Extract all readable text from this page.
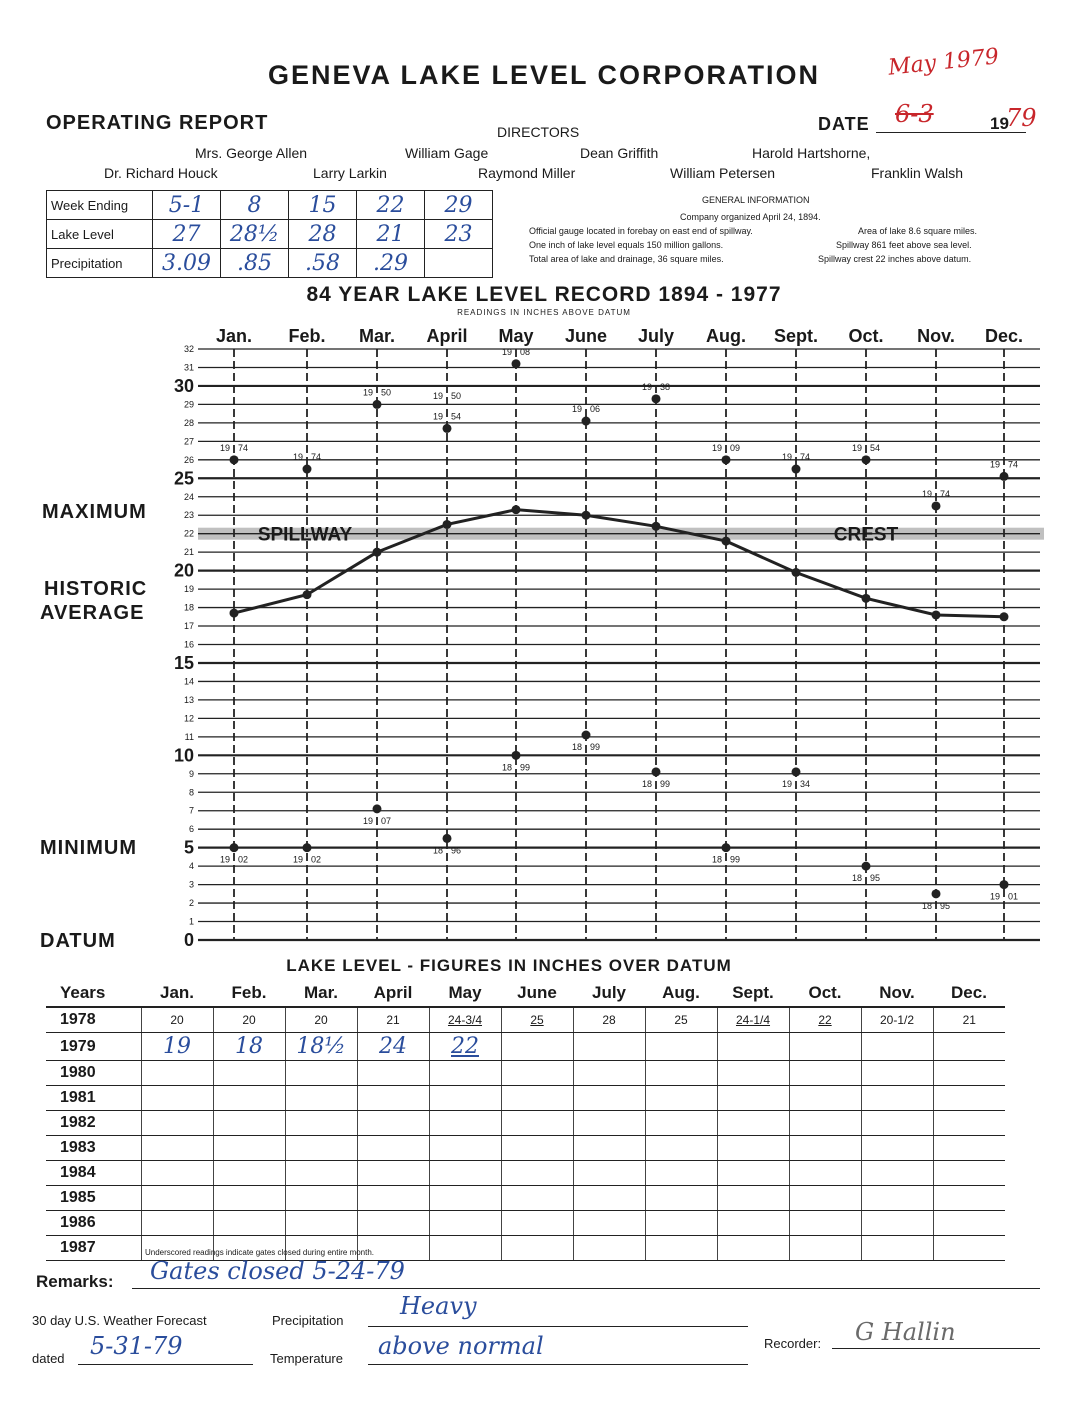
GENEVA LAKE LEVEL CORPORATION	May 1979
OPERATING REPORT	DIRECTORS	DATE 6-3	19
79
Mrs. George Allen	William Gage	Dean Griffith	Harold Hartshorne,
Dr. Richard Houck	Larry Larkin	Raymond Miller	William Petersen	Franklin Walsh
Week Ending	5-1	8	15	22	29
Lake Level	27	28½	28	21	23
Precipitation	3.09	.85	.58	.29	
GENERAL INFORMATION
Company organized April 24, 1894.
Official gauge located in forebay on east end of spillway.	Area of lake 8.6 square miles.
One inch of lake level equals 150 million gallons.	Spillway 861 feet above sea level.
Total area of lake and drainage, 36 square miles.	Spillway crest 22 inches above datum.
84 YEAR LAKE LEVEL RECORD 1894 - 1977
READINGS IN INCHES ABOVE DATUM
MAXIMUM
HISTORIC
AVERAGE
MINIMUM
DATUM	0
1
2
3
4
5
6
7
8
9
10
11
12
13
14
15
16
17
18
19
20
21
22
23
24
25
26
27
28
29
30
31
32
Jan. Feb. Mar. April May June July Aug. Sept. Oct. Nov. Dec.
SPILLWAY	CREST
19 74
19 74
19 50
19 54
19 08
19 06
19 38
19 09
19 74
19 54
19 74
19 74
19 50
19 02	19 02
19 07
18 96
18 99
18 99
18 99
18 99
19 34
18 95
18 95
19 01
LAKE LEVEL - FIGURES IN INCHES OVER DATUM
Years	Jan.	Feb.	Mar.	April	May	June	July	Aug.	Sept.	Oct.	Nov.	Dec.
1978	20	20	20	21	24-3/4	25	28	25	24-1/4	22	20-1/2	21
1979	19	18	18½	24	22							
1980												
1981												
1982												
1983												
1984												
1985												
1986												
1987													Underscored readings indicate gates closed during entire month.
Remarks: Gates closed 5-24-79
30 day U.S. Weather Forecast	Precipitation
Heavy
dated 5-31-79	Temperature above normal	Recorder: G Hallin
